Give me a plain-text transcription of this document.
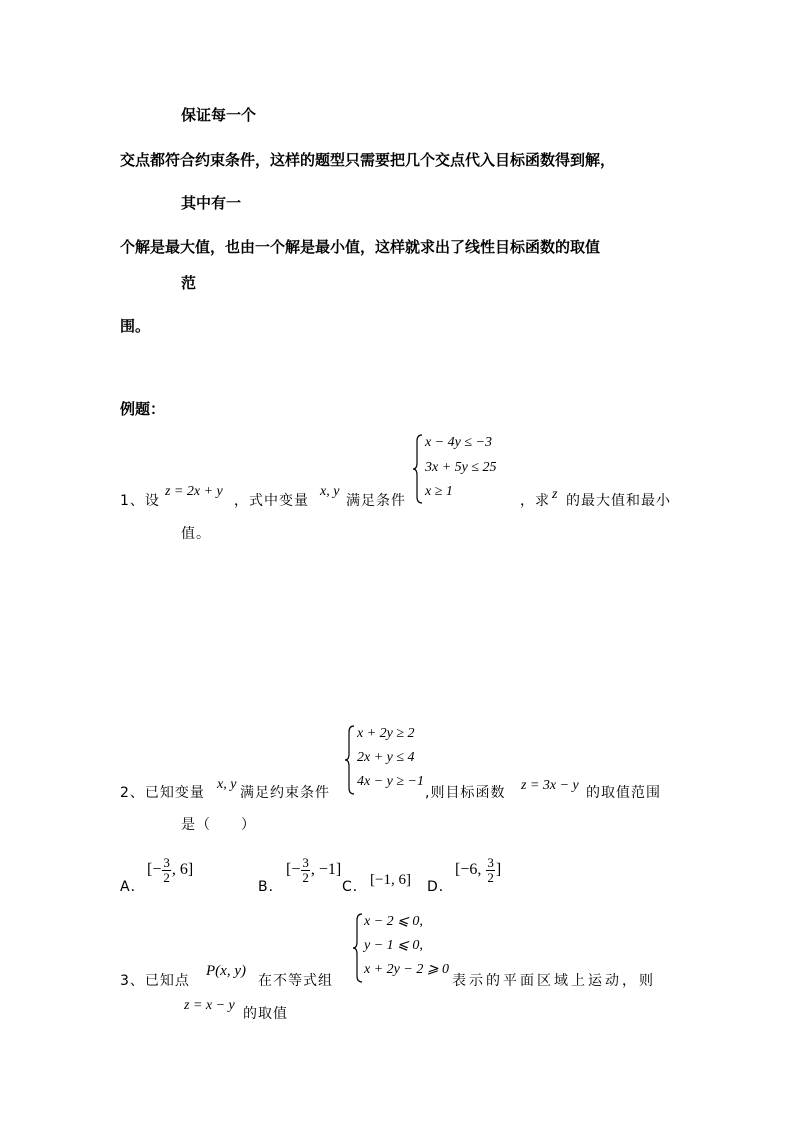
保证每一个
交点都符合约束条件，这样的题型只需要把几个交点代入目标函数得到解，
其中有一
个解是最大值，也由一个解是最小值，这样就求出了线性目标函数的取值
范
围。
例题：
1、设
z = 2x + y
，式中变量
x, y
满足条件
x − 4y ≤ −3
3x + 5y ≤ 25
x ≥ 1
，求 z 的最大值和最小
值。
2、已知变量
x, y
满足约束条件
x + 2y ≥ 2
2x + y ≤ 4
4x − y ≥ −1
,则目标函数 z = 3x − y 的取值范围
是（　　）
A．
[− $\frac{3}{2}$ , 6]
B．
[− $\frac{3}{2}$ , −1]
C． [−1, 6] D．
[−6, $\frac{3}{2}$ ]
3、已知点
P(x, y)
在不等式组
x − 2 ⩽ 0,
y − 1 ⩽ 0,
x + 2y − 2 ⩾ 0
表示的平面区域上运动，则
z = x − y
的取值
